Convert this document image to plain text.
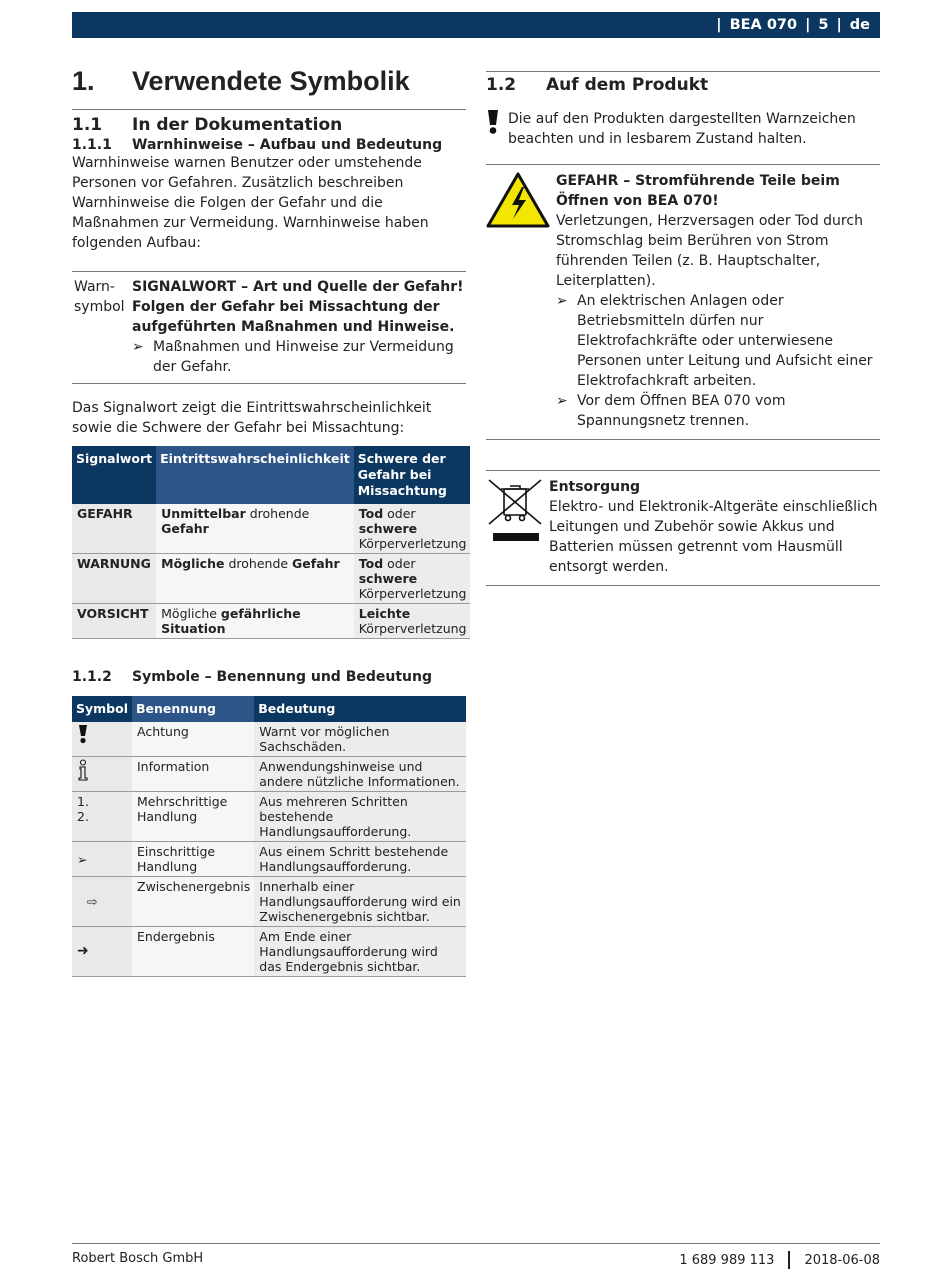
| BEA 070 | 5 | de
1.	Verwendete Symbolik
1.1	In der Dokumentation
1.1.1	Warnhinweise – Aufbau und Bedeutung
Warnhinweise warnen Benutzer oder umstehende Personen vor Gefahren. Zusätzlich beschreiben Warnhinweise die Folgen der Gefahr und die Maßnahmen zur Vermeidung. Warnhinweise haben folgenden Aufbau:
Warn-symbol
SIGNALWORT – Art und Quelle der Gefahr!
Folgen der Gefahr bei Missachtung der aufgeführten Maßnahmen und Hinweise.
➢ Maßnahmen und Hinweise zur Vermeidung der Gefahr.
Das Signalwort zeigt die Eintrittswahrscheinlichkeit sowie die Schwere der Gefahr bei Missachtung:
Signalwort	Eintrittswahrscheinlichkeit	Schwere der Gefahr bei Missachtung
GEFAHR	Unmittelbar drohende Gefahr	Tod oder schwere Körperverletzung
WARNUNG	Mögliche drohende Gefahr	Tod oder schwere Körperverletzung
VORSICHT	Mögliche gefährliche Situation	Leichte Körperverletzung
1.1.2	Symbole – Benennung und Bedeutung
Symbol	Benennung	Bedeutung
	Achtung	Warnt vor möglichen Sachschäden.
	Information	Anwendungshinweise und andere nützliche Informationen.
1.
2.	Mehrschrittige Handlung	Aus mehreren Schritten bestehende Handlungsaufforderung.
➢	Einschrittige Handlung	Aus einem Schritt bestehende Handlungsaufforderung.
⇨	Zwischenergebnis	Innerhalb einer Handlungsaufforderung wird ein Zwischenergebnis sichtbar.
➜	Endergebnis	Am Ende einer Handlungsaufforderung wird das Endergebnis sichtbar.
1.2	Auf dem Produkt
Die auf den Produkten dargestellten Warnzeichen beachten und in lesbarem Zustand halten.
GEFAHR – Stromführende Teile beim Öffnen von BEA 070!
Verletzungen, Herzversagen oder Tod durch Stromschlag beim Berühren von Strom führenden Teilen (z. B. Hauptschalter, Leiterplatten).
➢ An elektrischen Anlagen oder Betriebsmitteln dürfen nur Elektrofachkräfte oder unterwiesene Personen unter Leitung und Aufsicht einer Elektrofachkraft arbeiten.
➢ Vor dem Öffnen BEA 070 vom Spannungsnetz trennen.
Entsorgung
Elektro- und Elektronik-Altgeräte einschließlich Leitungen und Zubehör sowie Akkus und Batterien müssen getrennt vom Hausmüll entsorgt werden.
Robert Bosch GmbH	1 689 989 113 2018-06-08
